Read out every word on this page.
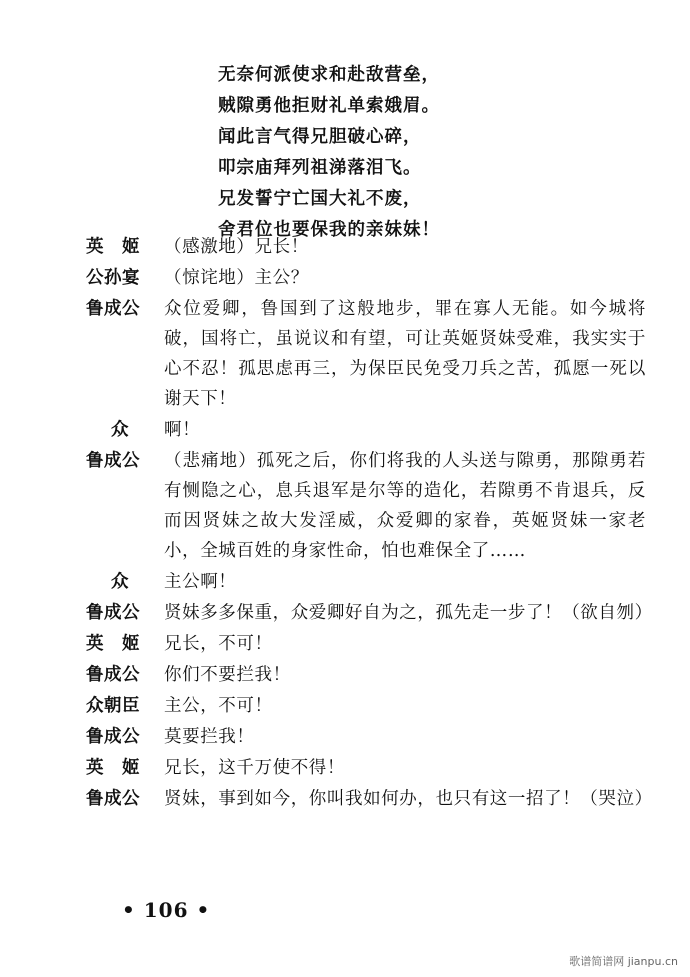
无奈何派使求和赴敌营垒，
贼隙勇他拒财礼单索娥眉。
闻此言气得兄胆破心碎，
叩宗庙拜列祖涕落泪飞。
兄发誓宁亡国大礼不废，
舍君位也要保我的亲妹妹！
英　姬	（感激地）兄长！
公孙宴	（惊诧地）主公？
鲁成公	众位爱卿，鲁国到了这般地步，罪在寡人无能。如今城将破，国将亡，虽说议和有望，可让英姬贤妹受难，我实实于心不忍！孤思虑再三，为保臣民免受刀兵之苦，孤愿一死以谢天下！
众	啊！
鲁成公	（悲痛地）孤死之后，你们将我的人头送与隙勇，那隙勇若有恻隐之心，息兵退军是尔等的造化，若隙勇不肯退兵，反而因贤妹之故大发淫威，众爱卿的家眷，英姬贤妹一家老小，全城百姓的身家性命，怕也难保全了……
众	主公啊！
鲁成公	贤妹多多保重，众爱卿好自为之，孤先走一步了！（欲自刎）
英　姬	兄长，不可！
鲁成公	你们不要拦我！
众朝臣	主公，不可！
鲁成公	莫要拦我！
英　姬	兄长，这千万使不得！
鲁成公	贤妹，事到如今，你叫我如何办，也只有这一招了！（哭泣）
• 106 •
歌谱简谱网 jianpu.cn
